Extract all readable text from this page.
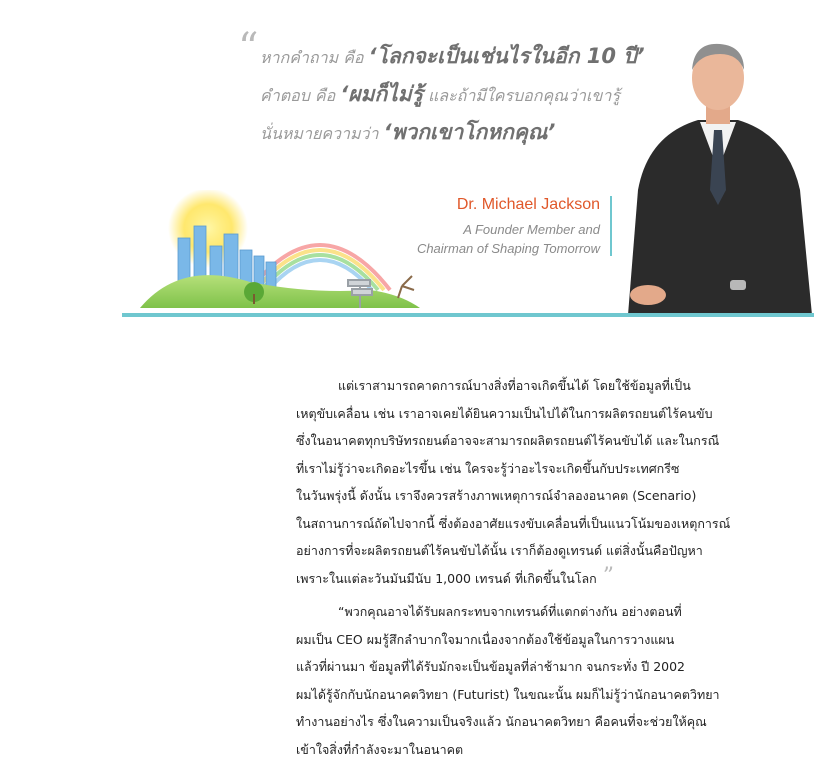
“ หากคำถาม คือ ‘โลกจะเป็นเช่นไรในอีก 10 ปี’
คำตอบ คือ ‘ผมก็ไม่รู้ และถ้ามีใครบอกคุณว่าเขารู้
นั่นหมายความว่า ‘พวกเขาโกหกคุณ’
Dr. Michael Jackson
A Founder Member and
Chairman of Shaping Tomorrow

แต่เราสามารถคาดการณ์บางสิ่งที่อาจเกิดขึ้นได้ โดยใช้ข้อมูลที่เป็น

เหตุขับเคลื่อน เช่น เราอาจเคยได้ยินความเป็นไปได้ในการผลิตรถยนต์ไร้คนขับ

ซึ่งในอนาคตทุกบริษัทรถยนต์อาจจะสามารถผลิตรถยนต์ไร้คนขับได้ และในกรณี

ที่เราไม่รู้ว่าจะเกิดอะไรขึ้น เช่น ใครจะรู้ว่าอะไรจะเกิดขึ้นกับประเทศกรีซ

ในวันพรุ่งนี้ ดังนั้น เราจึงควรสร้างภาพเหตุการณ์จำลองอนาคต (Scenario)

ในสถานการณ์ถัดไปจากนี้ ซึ่งต้องอาศัยแรงขับเคลื่อนที่เป็นแนวโน้มของเหตุการณ์

อย่างการที่จะผลิตรถยนต์ไร้คนขับได้นั้น เราก็ต้องดูเทรนด์ แต่สิ่งนั้นคือปัญหา

เพราะในแต่ละวันมันมีนับ 1,000 เทรนด์ ที่เกิดขึ้นในโลก ”

“พวกคุณอาจได้รับผลกระทบจากเทรนด์ที่แตกต่างกัน อย่างตอนที่

ผมเป็น CEO ผมรู้สึกลำบากใจมากเนื่องจากต้องใช้ข้อมูลในการวางแผน

แล้วที่ผ่านมา ข้อมูลที่ได้รับมักจะเป็นข้อมูลที่ล่าช้ามาก จนกระทั่ง ปี 2002

ผมได้รู้จักกับนักอนาคตวิทยา (Futurist) ในขณะนั้น ผมก็ไม่รู้ว่านักอนาคตวิทยา

ทำงานอย่างไร ซึ่งในความเป็นจริงแล้ว นักอนาคตวิทยา คือคนที่จะช่วยให้คุณ

เข้าใจสิ่งที่กำลังจะมาในอนาคต
